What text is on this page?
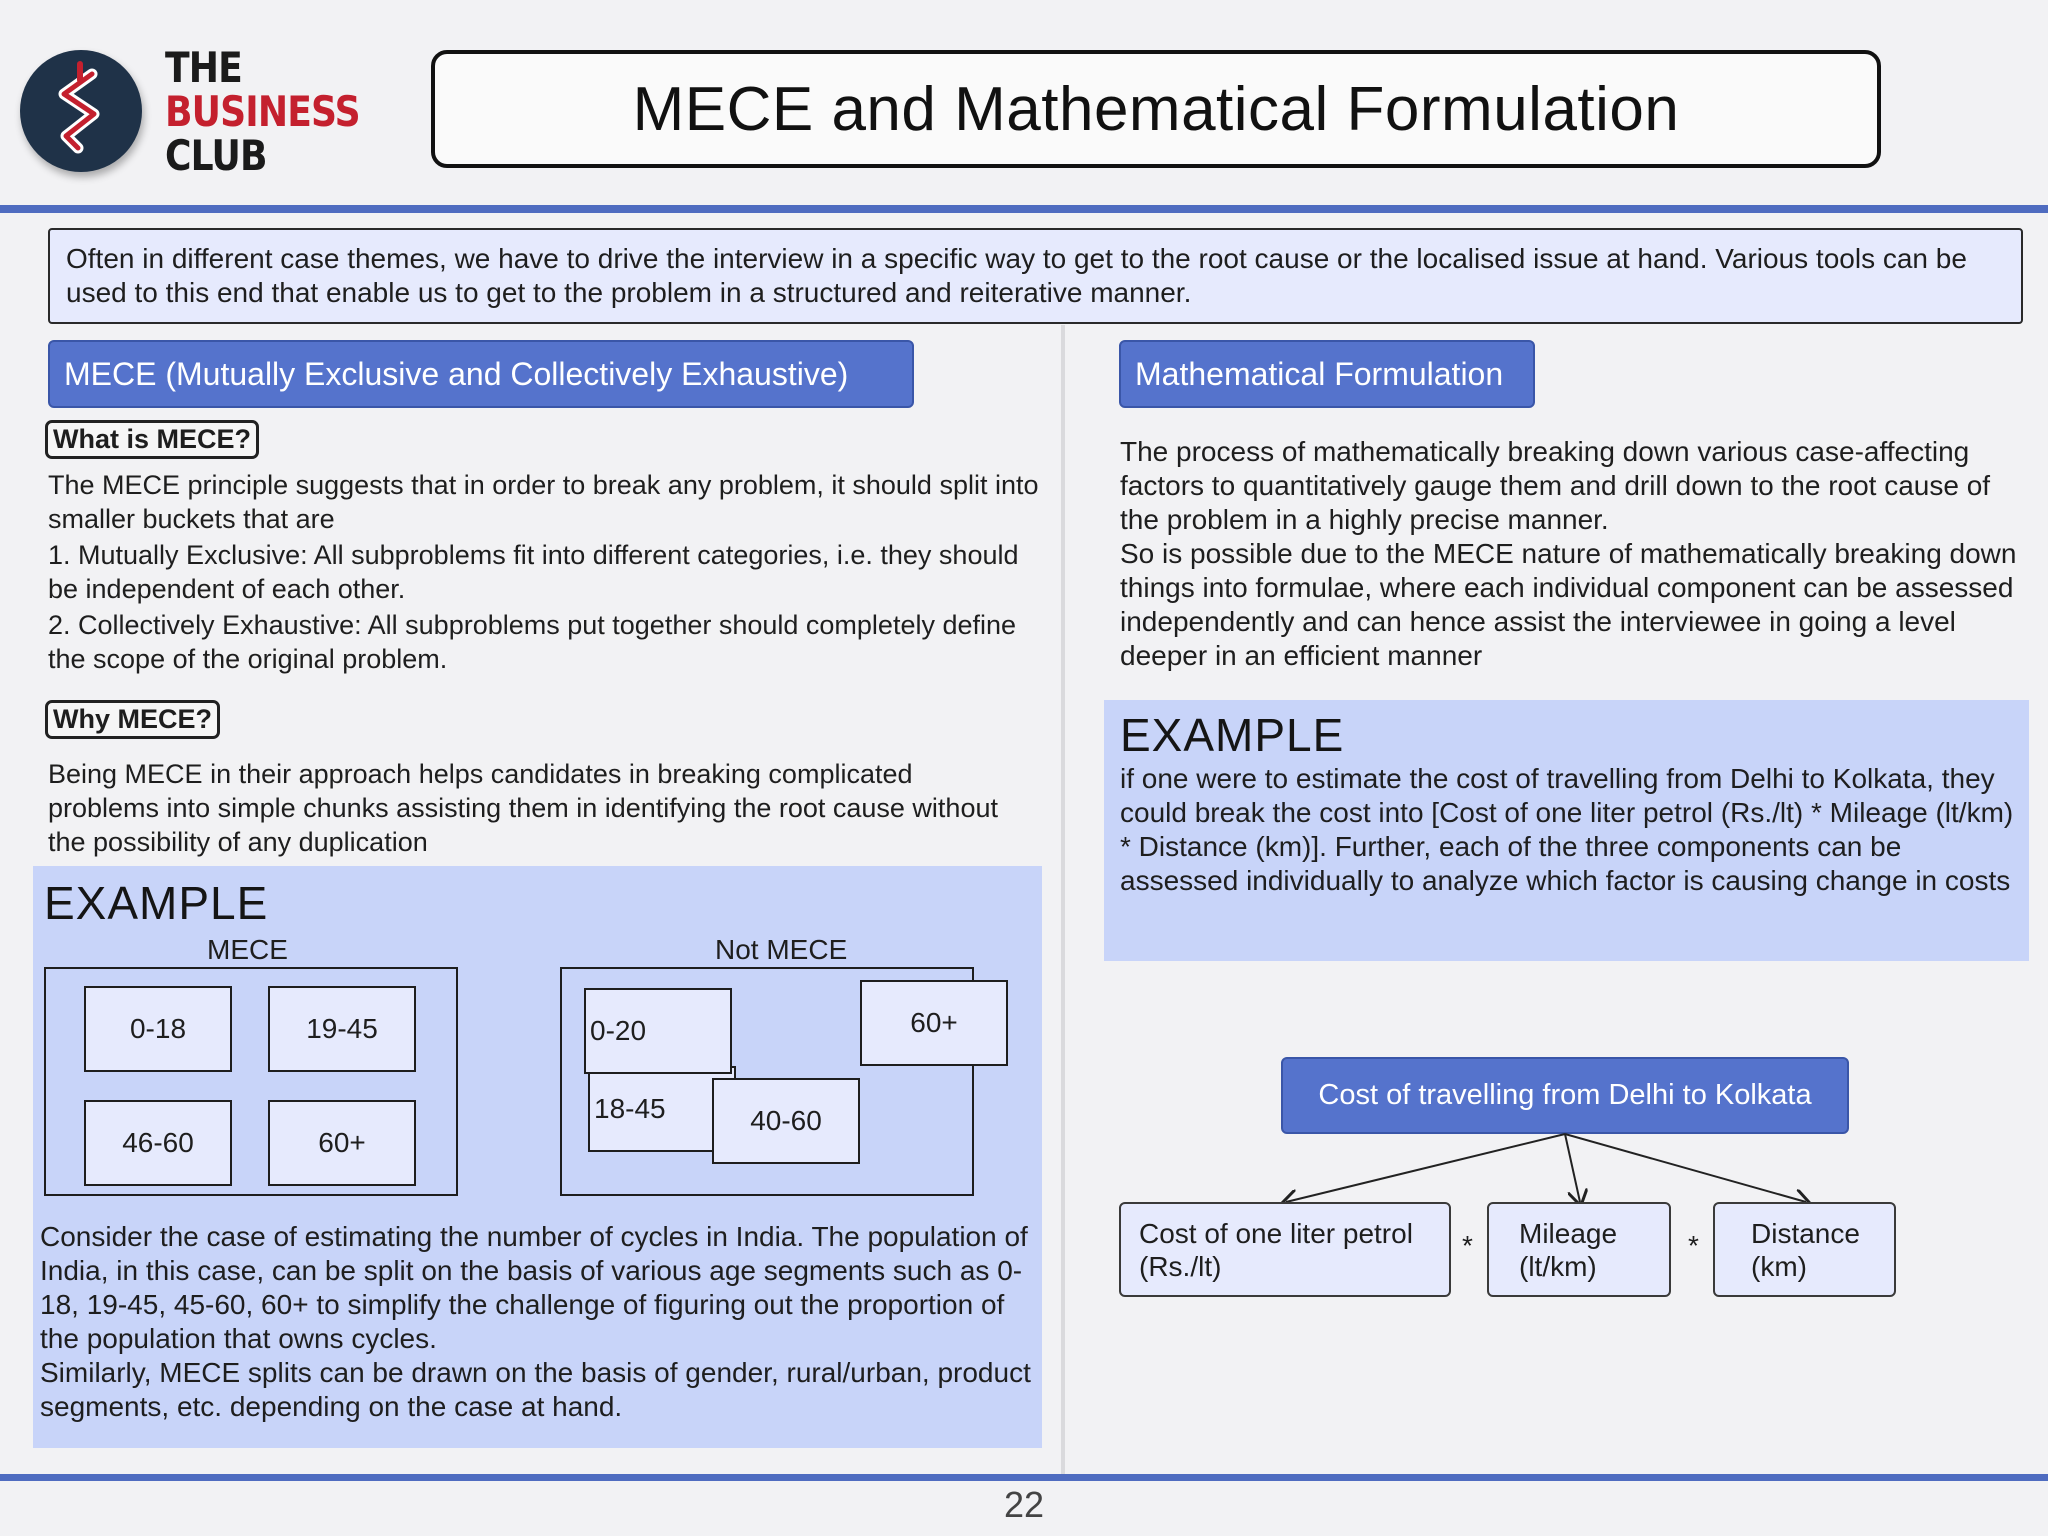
THE
BUSINESS
CLUB
MECE and Mathematical Formulation
Often in different case themes, we have to drive the interview in a specific way to get to the root cause or the localised issue at hand. Various tools can be used to this end that enable us to get to the problem in a structured and reiterative manner.
MECE (Mutually Exclusive and Collectively Exhaustive)
What is MECE?

The MECE principle suggests that in order to break any problem, it should split into smaller buckets that are

1. Mutually Exclusive: All subproblems fit into different categories, i.e. they should be independent of each other.

2. Collectively Exhaustive: All subproblems put together should completely define the scope of the original problem.

Why MECE?
Being MECE in their approach helps candidates in breaking complicated problems into simple chunks assisting them in identifying the root cause without the possibility of any duplication
EXAMPLE
MECE
0-18	19-45
46-60	60+
Not MECE
18-45
0-20
40-60
60+

Consider the case of estimating the number of cycles in India. The population of India, in this case, can be split on the basis of various age segments such as 0-18, 19-45, 45-60, 60+ to simplify the challenge of figuring out the proportion of the population that owns cycles.

Similarly, MECE splits can be drawn on the basis of gender, rural/urban, product segments, etc. depending on the case at hand.

Mathematical Formulation

The process of mathematically breaking down various case-affecting factors to quantitatively gauge them and drill down to the root cause of the problem in a highly precise manner.

So is possible due to the MECE nature of mathematically breaking down things into formulae, where each individual component can be assessed independently and can hence assist the interviewee in going a level deeper in an efficient manner

EXAMPLE
if one were to estimate the cost of travelling from Delhi to Kolkata, they could break the cost into [Cost of one liter petrol (Rs./lt) * Mileage (lt/km) * Distance (km)]. Further, each of the three components can be assessed individually to analyze which factor is causing change in costs
Cost of travelling from Delhi to Kolkata
Cost of one liter petrol
(Rs./lt)
* Mileage
(lt/km)
* Distance
(km)
22
